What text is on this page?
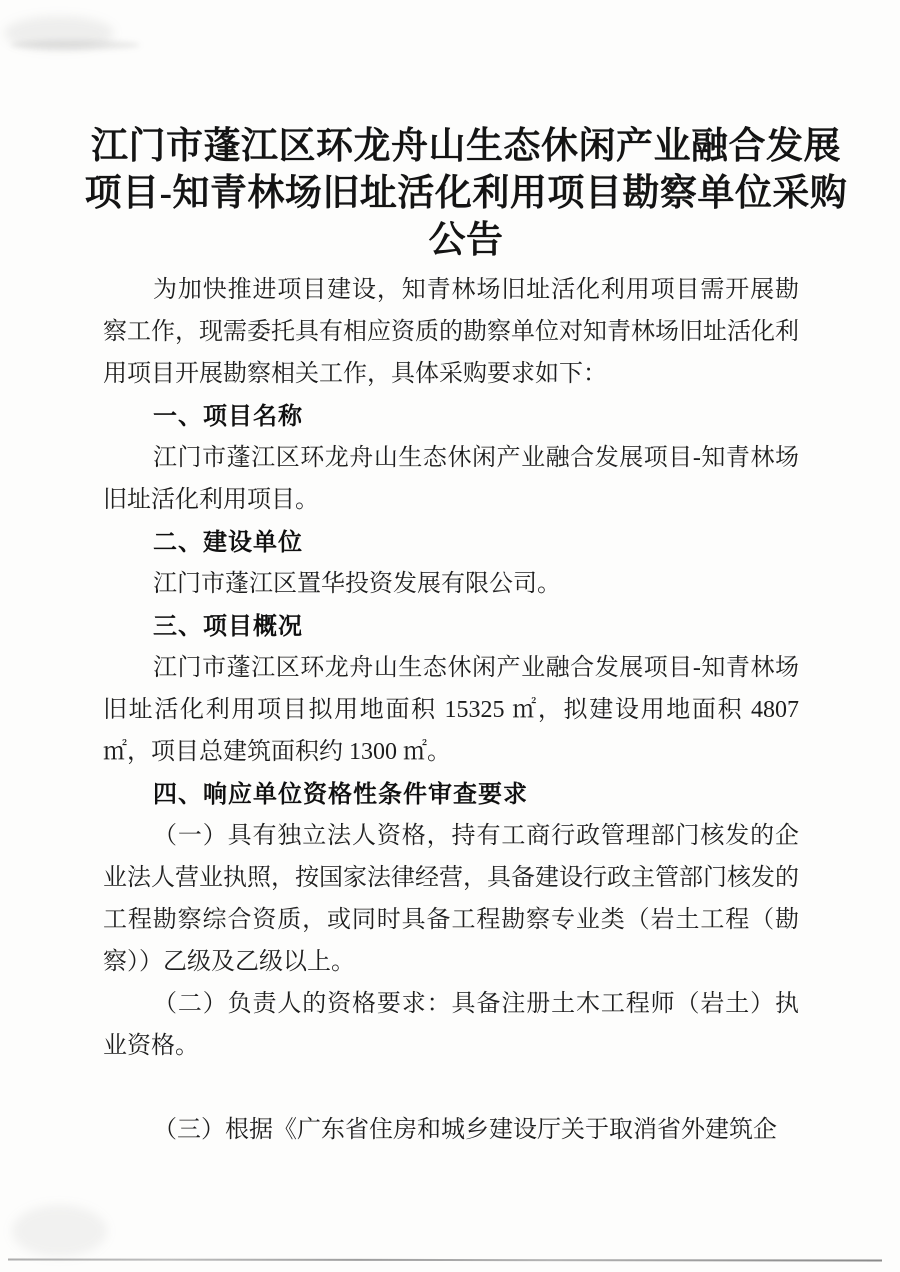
江门市蓬江区环龙舟山生态休闲产业融合发展
项目-知青林场旧址活化利用项目勘察单位采购
公告

为加快推进项目建设，知青林场旧址活化利用项目需开展勘察工作，现需委托具有相应资质的勘察单位对知青林场旧址活化利用项目开展勘察相关工作，具体采购要求如下：

一、项目名称

江门市蓬江区环龙舟山生态休闲产业融合发展项目-知青林场旧址活化利用项目。

二、建设单位

江门市蓬江区置华投资发展有限公司。

三、项目概况

江门市蓬江区环龙舟山生态休闲产业融合发展项目-知青林场旧址活化利用项目拟用地面积 15325 ㎡，拟建设用地面积 4807 ㎡，项目总建筑面积约 1300 ㎡。

四、响应单位资格性条件审查要求

（一）具有独立法人资格，持有工商行政管理部门核发的企业法人营业执照，按国家法律经营，具备建设行政主管部门核发的工程勘察综合资质，或同时具备工程勘察专业类（岩土工程（勘察））乙级及乙级以上。

（二）负责人的资格要求：具备注册土木工程师（岩土）执业资格。

（三）根据《广东省住房和城乡建设厅关于取消省外建筑企
